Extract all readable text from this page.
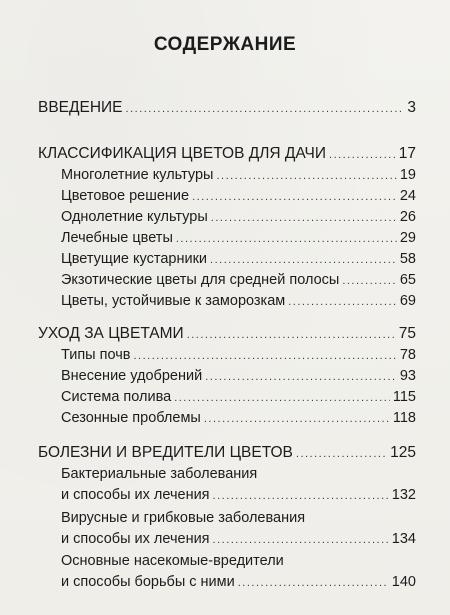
СОДЕРЖАНИЕ
ВВЕДЕНИЕ .....	3
КЛАССИФИКАЦИЯ ЦВЕТОВ ДЛЯ ДАЧИ .....	17
Многолетние культуры .....	19
Цветовое решение .....	24
Однолетние культуры .....	26
Лечебные цветы .....	29
Цветущие кустарники .....	58
Экзотические цветы для средней полосы .....	65
Цветы, устойчивые к заморозкам .....	69
УХОД ЗА ЦВЕТАМИ .....	75
Типы почв .....	78
Внесение удобрений .....	93
Система полива .....	115
Сезонные проблемы .....	118
БОЛЕЗНИ И ВРЕДИТЕЛИ ЦВЕТОВ .....	125
Бактериальные заболевания
и способы их лечения .....	132
Вирусные и грибковые заболевания
и способы их лечения .....	134
Основные насекомые-вредители
и способы борьбы с ними .....	140
